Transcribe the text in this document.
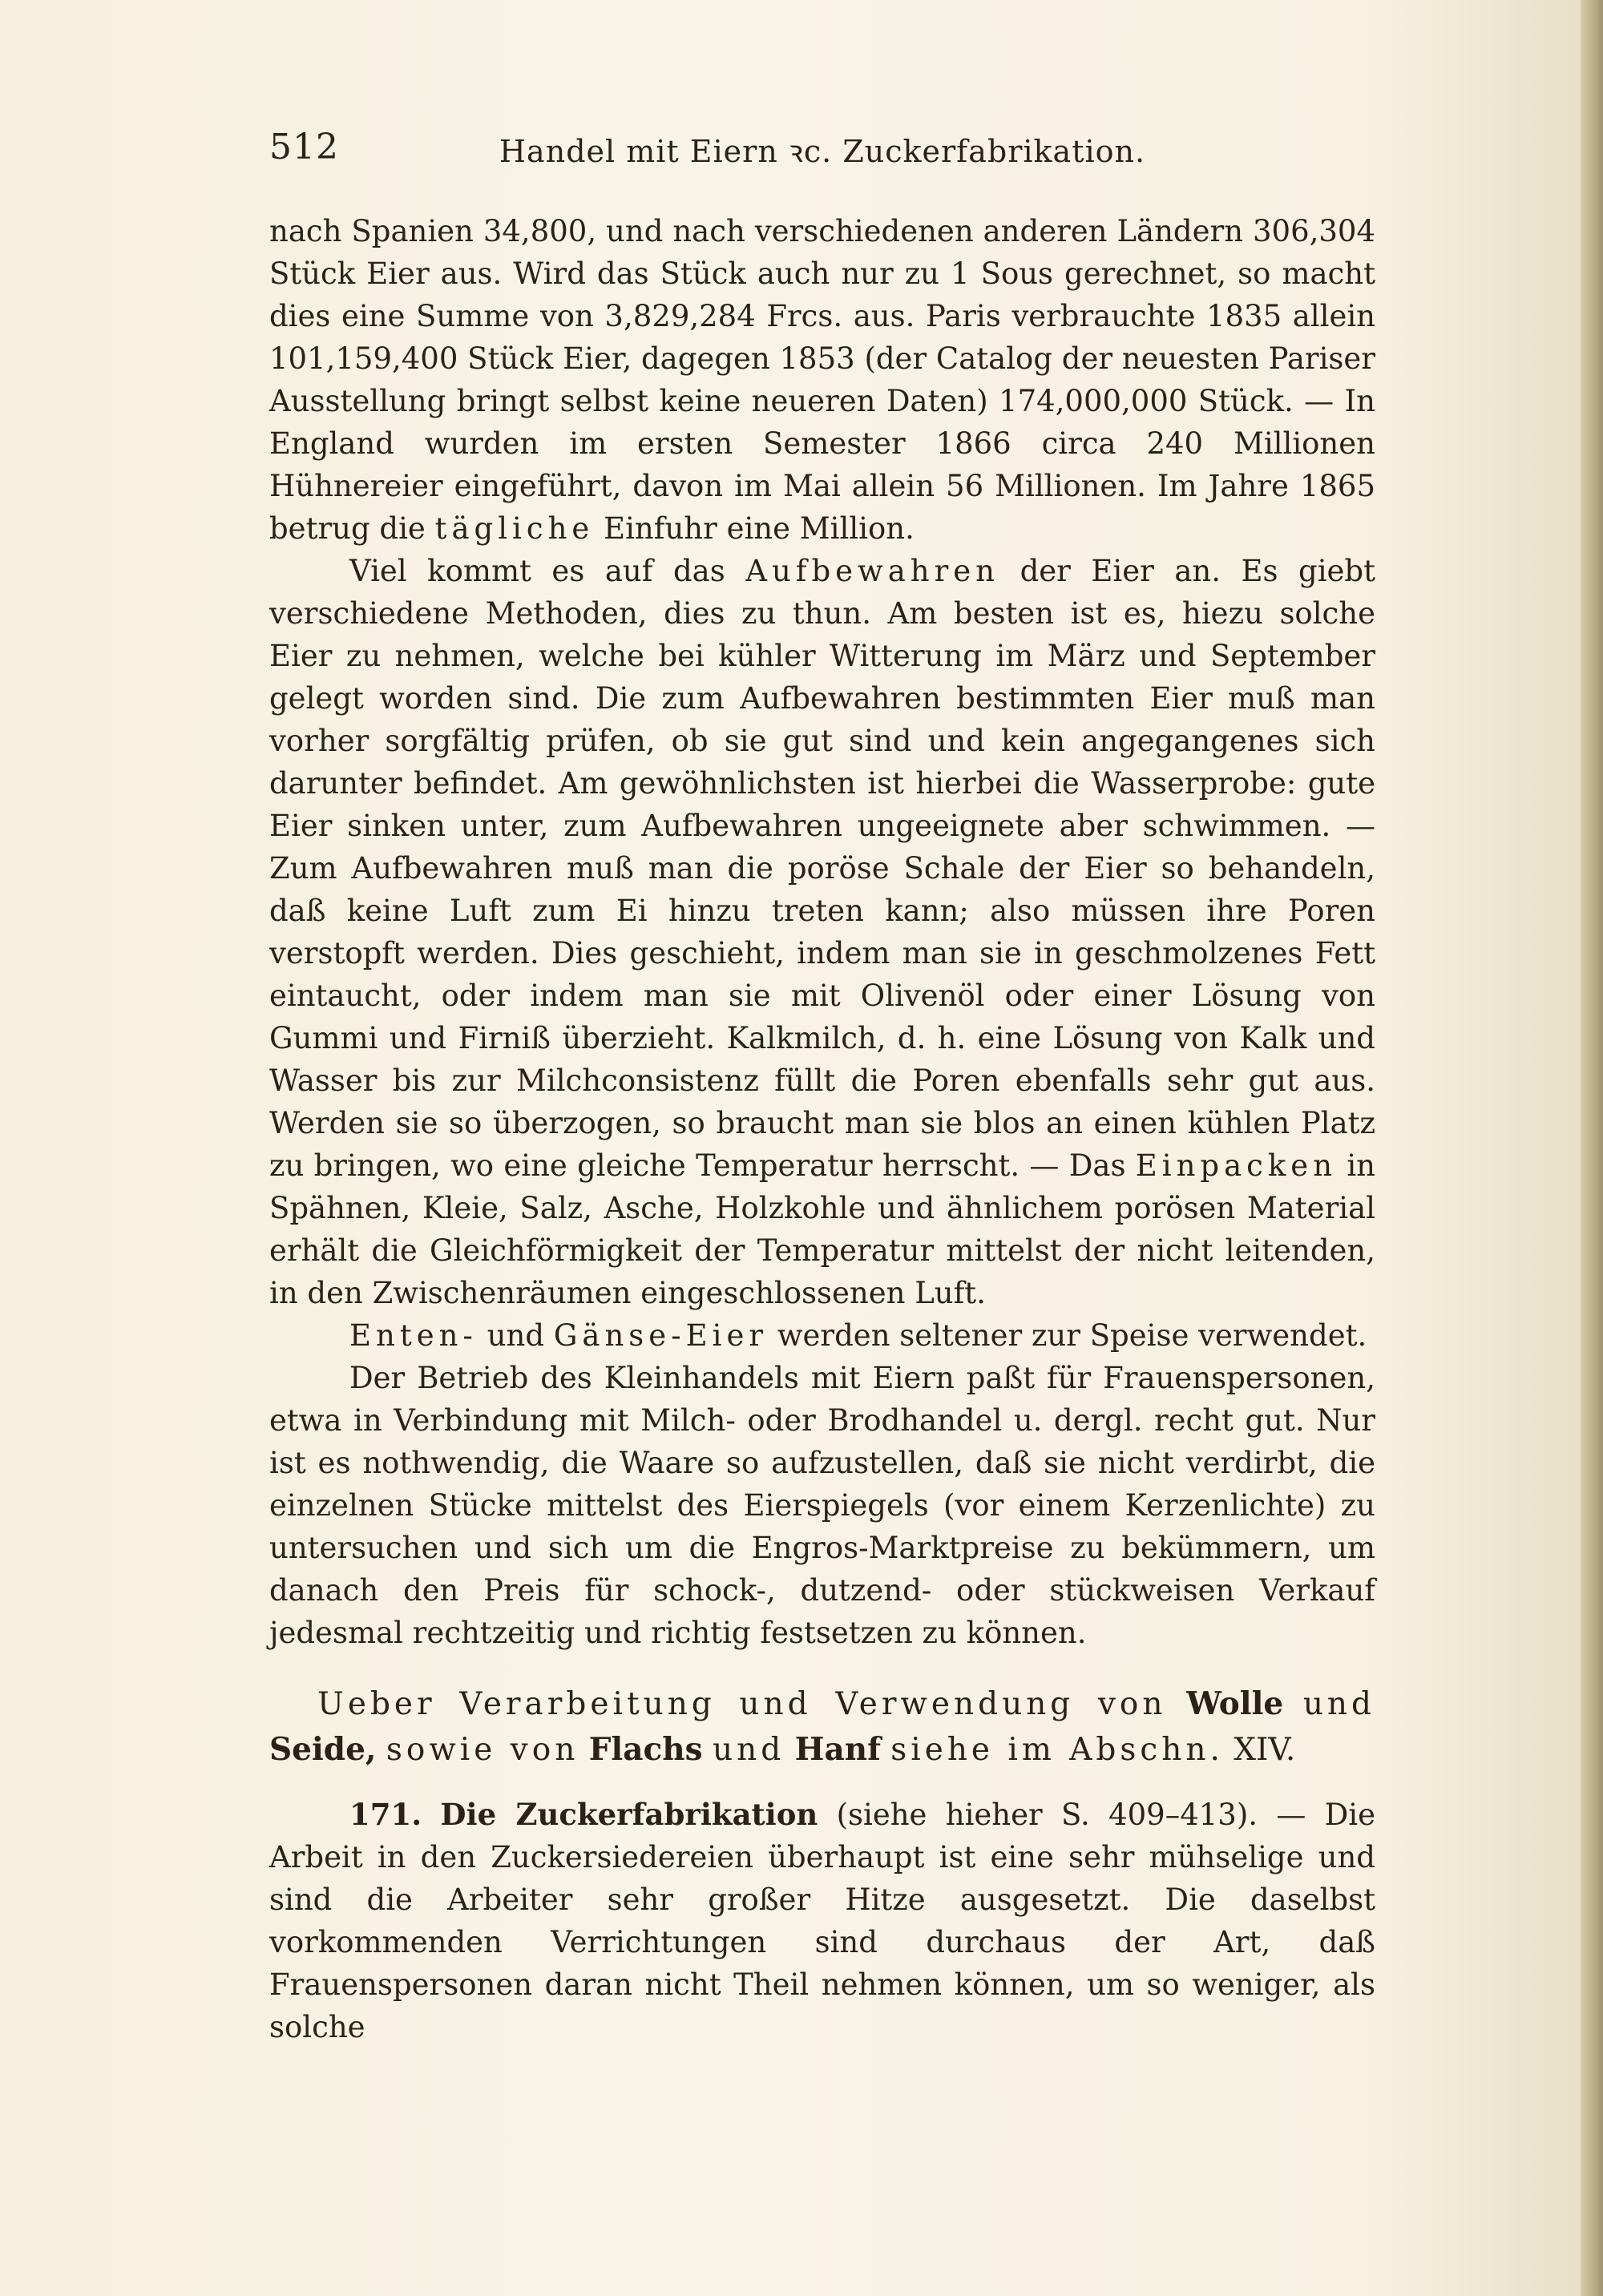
512	Handel mit Eiern ꝛc. Zuckerfabrikation.

nach Spanien 34,800, und nach verschiedenen anderen Ländern 306,304 Stück Eier aus. Wird das Stück auch nur zu 1 Sous gerechnet, so macht dies eine Summe von 3,829,284 Frcs. aus. Paris verbrauchte 1835 allein 101,159,400 Stück Eier, dagegen 1853 (der Catalog der neuesten Pariser Ausstellung bringt selbst keine neueren Daten) 174,000,000 Stück. — In England wurden im ersten Semester 1866 circa 240 Millionen Hühnereier eingeführt, davon im Mai allein 56 Millionen. Im Jahre 1865 betrug die tägliche Einfuhr eine Million.

Viel kommt es auf das Aufbewahren der Eier an. Es giebt verschiedene Methoden, dies zu thun. Am besten ist es, hiezu solche Eier zu nehmen, welche bei kühler Witterung im März und September gelegt worden sind. Die zum Aufbewahren bestimmten Eier muß man vorher sorgfältig prüfen, ob sie gut sind und kein angegangenes sich darunter befindet. Am gewöhnlichsten ist hierbei die Wasserprobe: gute Eier sinken unter, zum Aufbewahren ungeeignete aber schwimmen. — Zum Aufbewahren muß man die poröse Schale der Eier so behandeln, daß keine Luft zum Ei hinzu treten kann; also müssen ihre Poren verstopft werden. Dies geschieht, indem man sie in geschmolzenes Fett eintaucht, oder indem man sie mit Olivenöl oder einer Lösung von Gummi und Firniß überzieht. Kalkmilch, d. h. eine Lösung von Kalk und Wasser bis zur Milchconsistenz füllt die Poren ebenfalls sehr gut aus. Werden sie so überzogen, so braucht man sie blos an einen kühlen Platz zu bringen, wo eine gleiche Temperatur herrscht. — Das Einpacken in Spähnen, Kleie, Salz, Asche, Holzkohle und ähnlichem porösen Material erhält die Gleichförmigkeit der Temperatur mittelst der nicht leitenden, in den Zwischenräumen eingeschlossenen Luft.

Enten- und Gänse-Eier werden seltener zur Speise verwendet.

Der Betrieb des Kleinhandels mit Eiern paßt für Frauenspersonen, etwa in Verbindung mit Milch- oder Brodhandel u. dergl. recht gut. Nur ist es nothwendig, die Waare so aufzustellen, daß sie nicht verdirbt, die einzelnen Stücke mittelst des Eierspiegels (vor einem Kerzenlichte) zu untersuchen und sich um die Engros-Marktpreise zu bekümmern, um danach den Preis für schock-, dutzend- oder stückweisen Verkauf jedesmal rechtzeitig und richtig festsetzen zu können.

Ueber Verarbeitung und Verwendung von Wolle und Seide, sowie von Flachs und Hanf siehe im Abschn. XIV.

171. Die Zuckerfabrikation (siehe hieher S. 409–413). — Die Arbeit in den Zuckersiedereien überhaupt ist eine sehr mühselige und sind die Arbeiter sehr großer Hitze ausgesetzt. Die daselbst vorkommenden Verrichtungen sind durchaus der Art, daß Frauenspersonen daran nicht Theil nehmen können, um so weniger, als solche
